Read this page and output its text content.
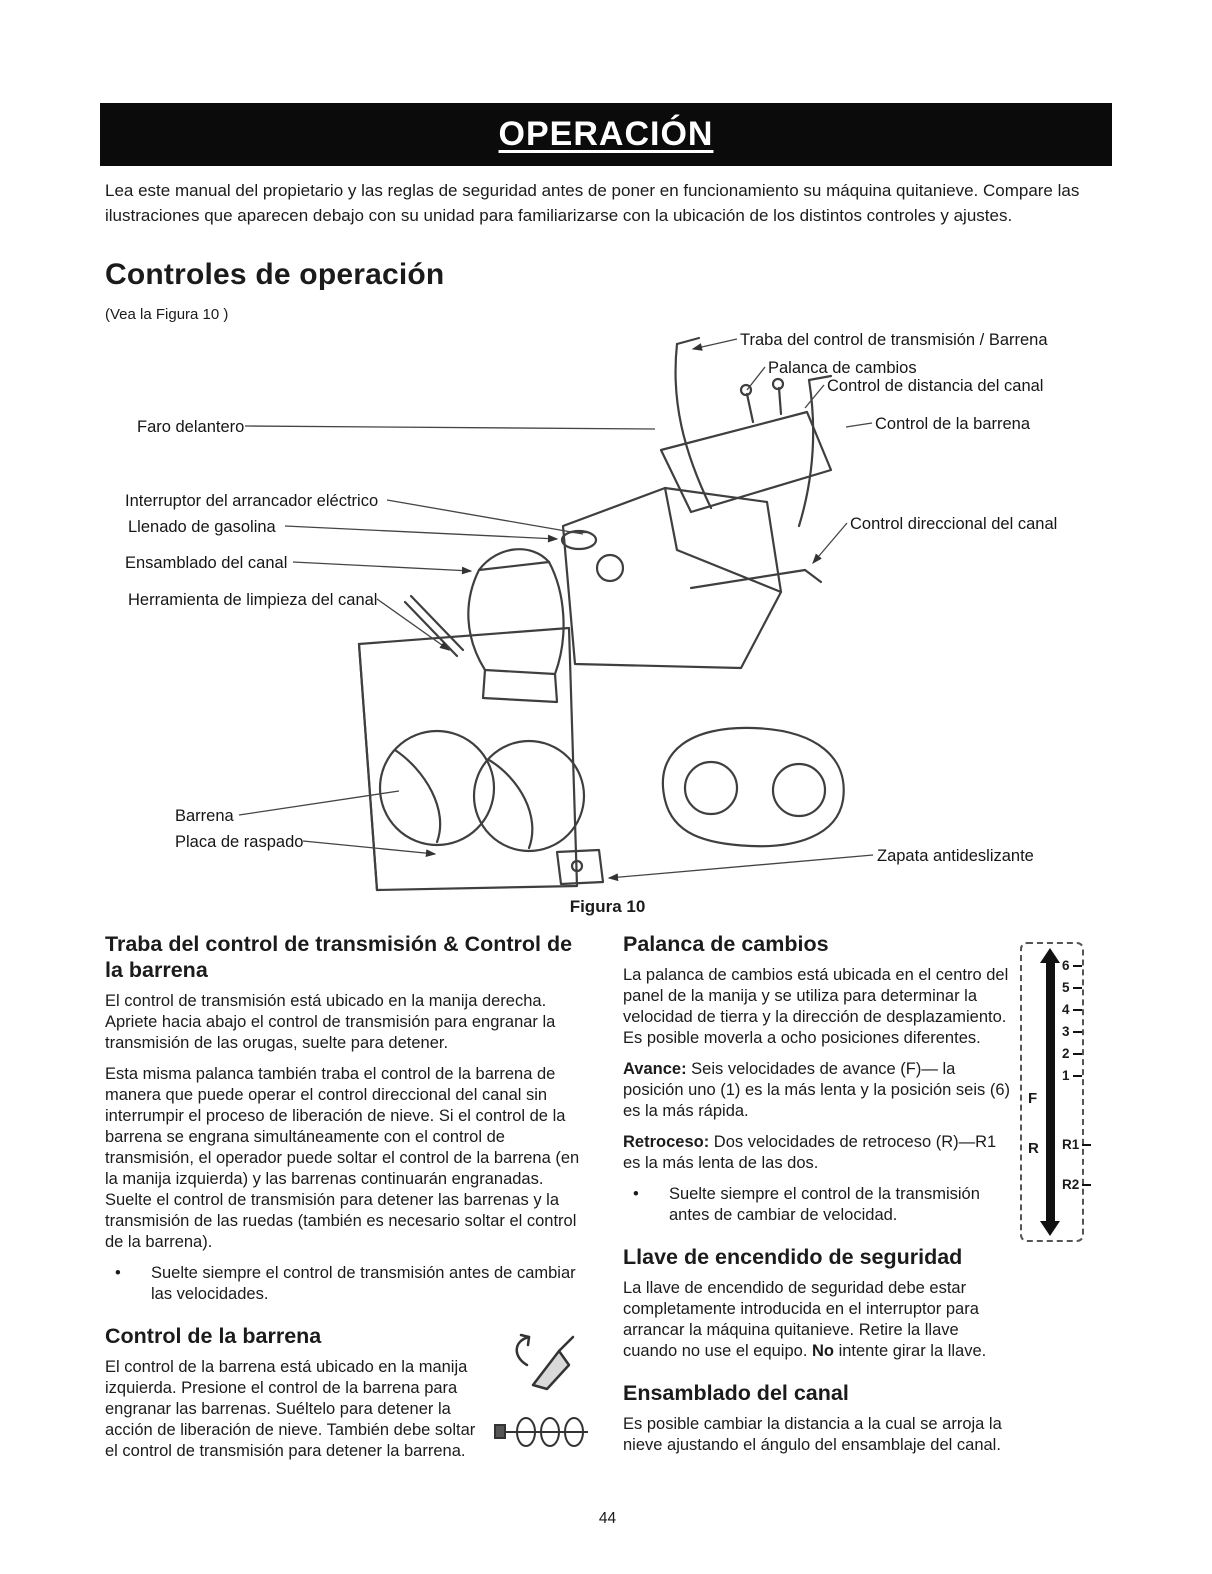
OPERACIÓN

Lea este manual del propietario y las reglas de seguridad antes de poner en funcionamiento su máquina quitanieve. Compare las ilustraciones que aparecen debajo con su unidad para familiarizarse con la ubicación de los distintos controles y ajustes.

Controles de operación
(Vea la Figura 10 )
Traba del control de transmisión / Barrena
Palanca de cambios
Control de distancia del canal
Control de la barrena
Faro delantero
Interruptor del arrancador eléctrico
Llenado de gasolina
Ensamblado del canal
Herramienta de limpieza del canal
Control direccional del canal
Barrena
Placa de raspado
Zapata antideslizante
Figura 10
Traba del control de transmisión & Control de la barrena

El control de transmisión está ubicado en la manija derecha. Apriete hacia abajo el control de transmisión para engranar la transmisión de las orugas, suelte para detener.

Esta misma palanca también traba el control de la barrena de manera que puede operar el control direccional del canal sin interrumpir el proceso de liberación de nieve. Si el control de la barrena se engrana simultáneamente con el control de transmisión, el operador puede soltar el control de la barrena (en la manija izquierda) y las barrenas continuarán engranadas. Suelte el control de transmisión para detener las barrenas y la transmisión de las ruedas (también es necesario soltar el control de la barrena).

• Suelte siempre el control de transmisión antes de cambiar las velocidades.
Control de la barrena

El control de la barrena está ubicado en la manija izquierda. Presione el control de la barrena para engranar las barrenas. Suéltelo para detener la acción de liberación de nieve. También debe soltar el control de transmisión para detener la barrena.

Palanca de cambios

La palanca de cambios está ubicada en el centro del panel de la manija y se utiliza para determinar la velocidad de tierra y la dirección de desplazamiento. Es posible moverla a ocho posiciones diferentes.

Avance: Seis velocidades de avance (F)— la posición uno (1) es la más lenta y la posición seis (6) es la más rápida.

Retroceso: Dos velocidades de retroceso (R)—R1 es la más lenta de las dos.

• Suelte siempre el control de la transmisión antes de cambiar de velocidad.
Llave de encendido de seguridad

La llave de encendido de seguridad debe estar completamente introducida en el interruptor para arrancar la máquina quitanieve. Retire la llave cuando no use el equipo. No intente girar la llave.

Ensamblado del canal

Es posible cambiar la distancia a la cual se arroja la nieve ajustando el ángulo del ensamblaje del canal.

6
5
4
3
2
1
F
R R1
R2
44
